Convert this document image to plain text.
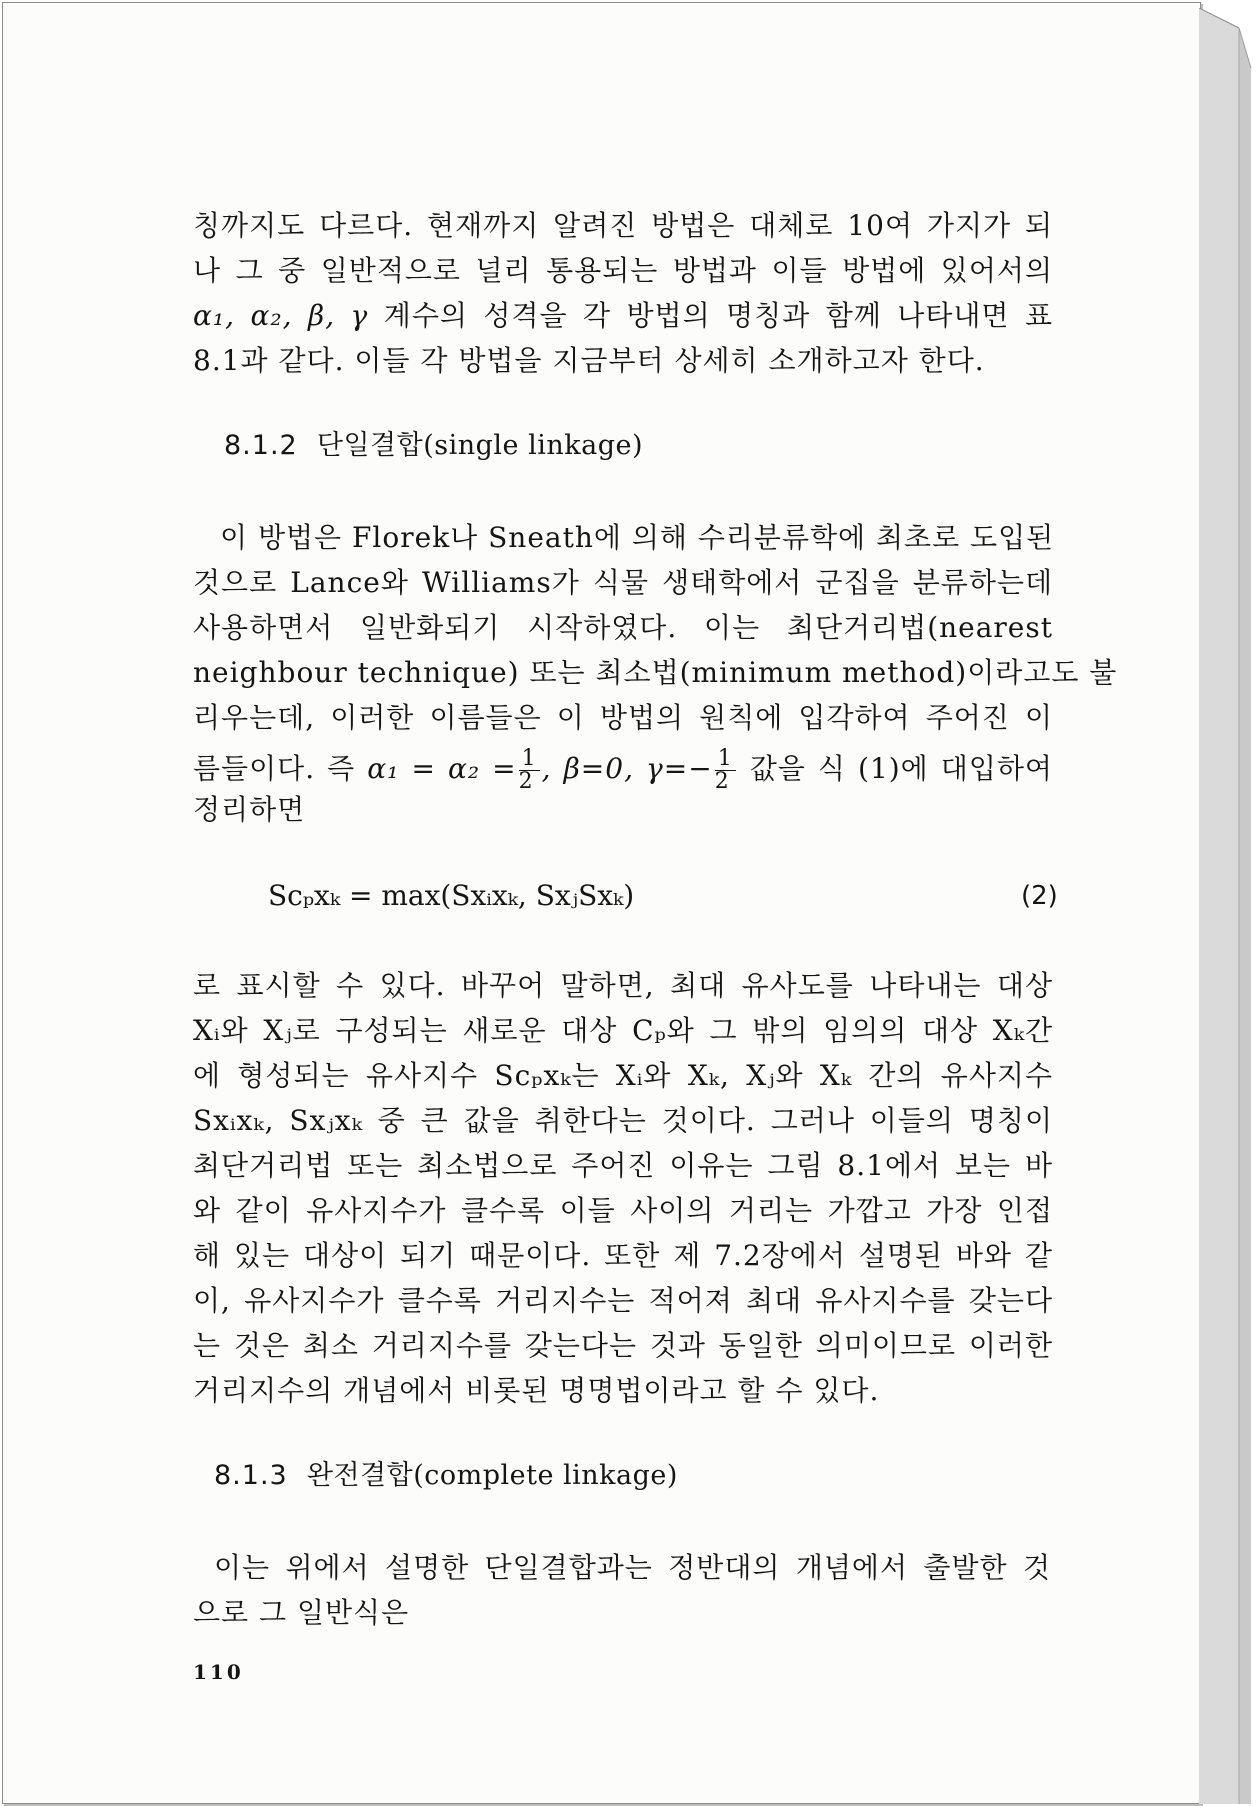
칭까지도 다르다. 현재까지 알려진 방법은 대체로 10여 가지가 되
나 그 중 일반적으로 널리 통용되는 방법과 이들 방법에 있어서의
α₁, α₂, β, γ 계수의 성격을 각 방법의 명칭과 함께 나타내면 표
8.1과 같다. 이들 각 방법을 지금부터 상세히 소개하고자 한다.
8.1.2 단일결합(single linkage)
이 방법은 Florek나 Sneath에 의해 수리분류학에 최초로 도입된
것으로 Lance와 Williams가 식물 생태학에서 군집을 분류하는데
사용하면서 일반화되기 시작하였다. 이는 최단거리법(nearest
neighbour technique) 또는 최소법(minimum method)이라고도 불
리우는데, 이러한 이름들은 이 방법의 원칙에 입각하여 주어진 이
름들이다. 즉 $\alpha_1 = \alpha_2 = \frac{1}{2}$ , β=0, $\gamma=- \frac{1}{2}$ 값을 식 (1)에 대입하여
정리하면
Scₚxₖ = max(Sxᵢxₖ, SxⱼSxₖ)	(2)
로 표시할 수 있다. 바꾸어 말하면, 최대 유사도를 나타내는 대상
Xᵢ와 Xⱼ로 구성되는 새로운 대상 Cₚ와 그 밖의 임의의 대상 Xₖ간
에 형성되는 유사지수 Scₚxₖ는 Xᵢ와 Xₖ, Xⱼ와 Xₖ 간의 유사지수
Sxᵢxₖ, Sxⱼxₖ 중 큰 값을 취한다는 것이다. 그러나 이들의 명칭이
최단거리법 또는 최소법으로 주어진 이유는 그림 8.1에서 보는 바
와 같이 유사지수가 클수록 이들 사이의 거리는 가깝고 가장 인접
해 있는 대상이 되기 때문이다. 또한 제 7.2장에서 설명된 바와 같
이, 유사지수가 클수록 거리지수는 적어져 최대 유사지수를 갖는다
는 것은 최소 거리지수를 갖는다는 것과 동일한 의미이므로 이러한
거리지수의 개념에서 비롯된 명명법이라고 할 수 있다.
8.1.3 완전결합(complete linkage)
이는 위에서 설명한 단일결합과는 정반대의 개념에서 출발한 것
으로 그 일반식은
110
